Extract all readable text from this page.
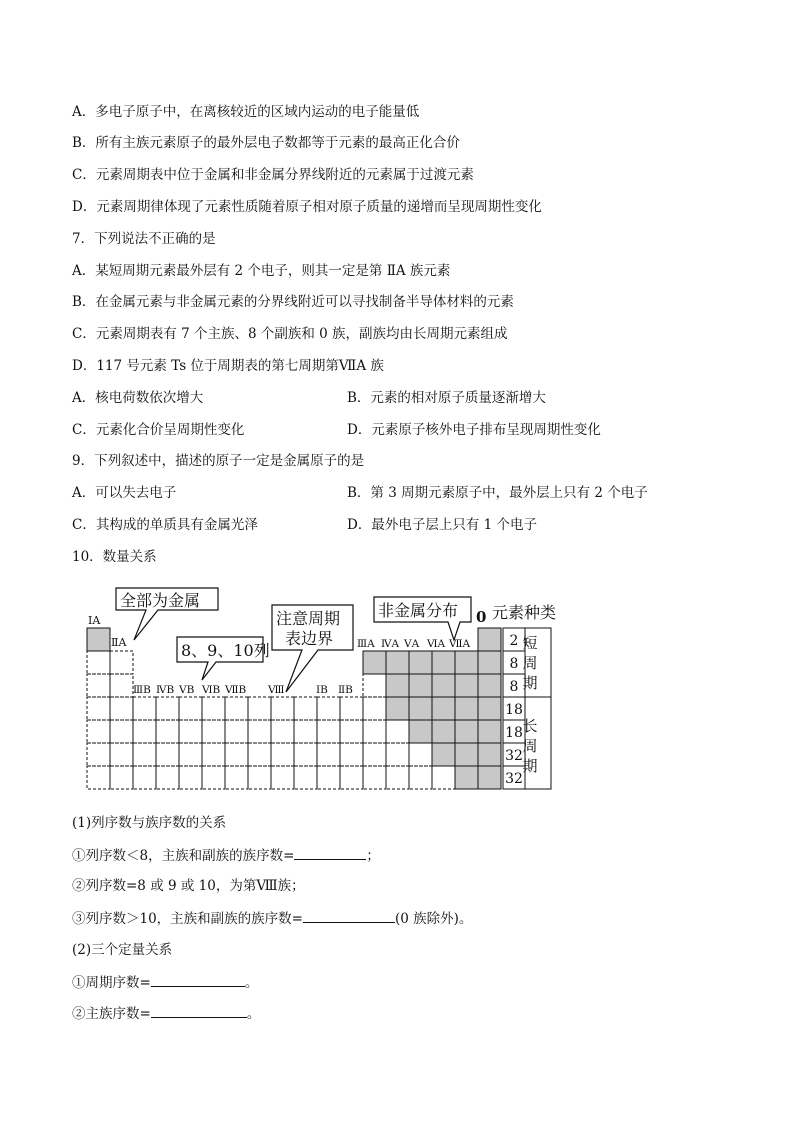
A．多电子原子中，在离核较近的区域内运动的电子能量低
B．所有主族元素原子的最外层电子数都等于元素的最高正化合价
C．元素周期表中位于金属和非金属分界线附近的元素属于过渡元素
D．元素周期律体现了元素性质随着原子相对原子质量的递增而呈现周期性变化
7．下列说法不正确的是
A．某短周期元素最外层有 2 个电子，则其一定是第 ⅡA 族元素
B．在金属元素与非金属元素的分界线附近可以寻找制备半导体材料的元素
C．元素周期表有 7 个主族、8 个副族和 0 族，副族均由长周期元素组成
D．117 号元素 Ts 位于周期表的第七周期第ⅦA 族
A．核电荷数依次增大	B．元素的相对原子质量逐渐增大
C．元素化合价呈周期性变化	D．元素原子核外电子排布呈现周期性变化
9．下列叙述中，描述的原子一定是金属原子的是
A．可以失去电子	B．第 3 周期元素原子中，最外层上只有 2 个电子
C．其构成的单质具有金属光泽	D．最外电子层上只有 1 个电子
10．数量关系
ⅠA
ⅡA
ⅢB ⅣB ⅤB ⅥB ⅦB Ⅷ	ⅠB ⅡB
ⅢA ⅣA ⅤA ⅥA ⅦA
0 元素种类
2
8
8
18
18
32
32
短
周
期
长
周
期
全部为金属
8、9、10列
注意周期
表边界
非金属分布
(1)列序数与族序数的关系
①列序数＜8，主族和副族的族序数=	；
②列序数=8 或 9 或 10，为第Ⅷ族；
③列序数＞10，主族和副族的族序数=	(0 族除外)。
(2)三个定量关系
①周期序数=	。
②主族序数=	。
